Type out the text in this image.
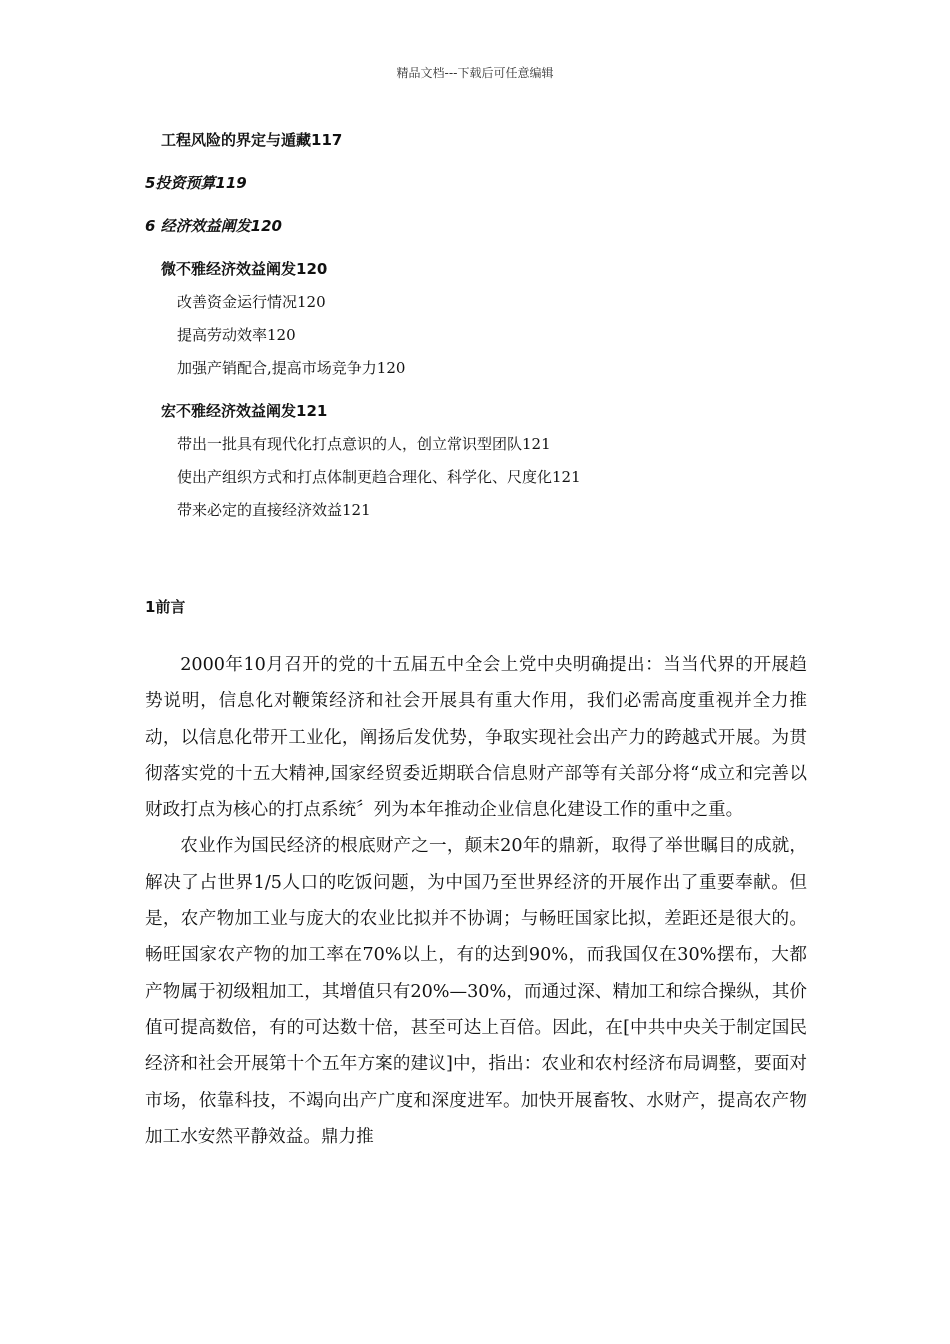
精品文档---下载后可任意编辑
工程风险的界定与遁藏117
5投资预算119
6 经济效益阐发120
微不雅经济效益阐发120
改善资金运行情况120
提高劳动效率120
加强产销配合,提高市场竞争力120
宏不雅经济效益阐发121
带出一批具有现代化打点意识的人，创立常识型团队121
使出产组织方式和打点体制更趋合理化、科学化、尺度化121
带来必定的直接经济效益121
1前言

2000年10月召开的党的十五届五中全会上党中央明确提出：当当代界的开展趋势说明，信息化对鞭策经济和社会开展具有重大作用，我们必需高度重视并全力推动，以信息化带开工业化，阐扬后发优势，争取实现社会出产力的跨越式开展。为贯彻落实党的十五大精神,国家经贸委近期联合信息财产部等有关部分将“成立和完善以财政打点为核心的打点系统〞列为本年推动企业信息化建设工作的重中之重。

农业作为国民经济的根底财产之一，颠末20年的鼎新，取得了举世瞩目的成就，解决了占世界1/5人口的吃饭问题，为中国乃至世界经济的开展作出了重要奉献。但是，农产物加工业与庞大的农业比拟并不协调；与畅旺国家比拟，差距还是很大的。畅旺国家农产物的加工率在70%以上，有的达到90%，而我国仅在30%摆布，大都产物属于初级粗加工，其增值只有20%—30%，而通过深、精加工和综合操纵，其价值可提高数倍，有的可达数十倍，甚至可达上百倍。因此，在[中共中央关于制定国民经济和社会开展第十个五年方案的建议]中，指出：农业和农村经济布局调整，要面对市场，依靠科技，不竭向出产广度和深度进军。加快开展畜牧、水财产，提高农产物加工水安然平静效益。鼎力推
